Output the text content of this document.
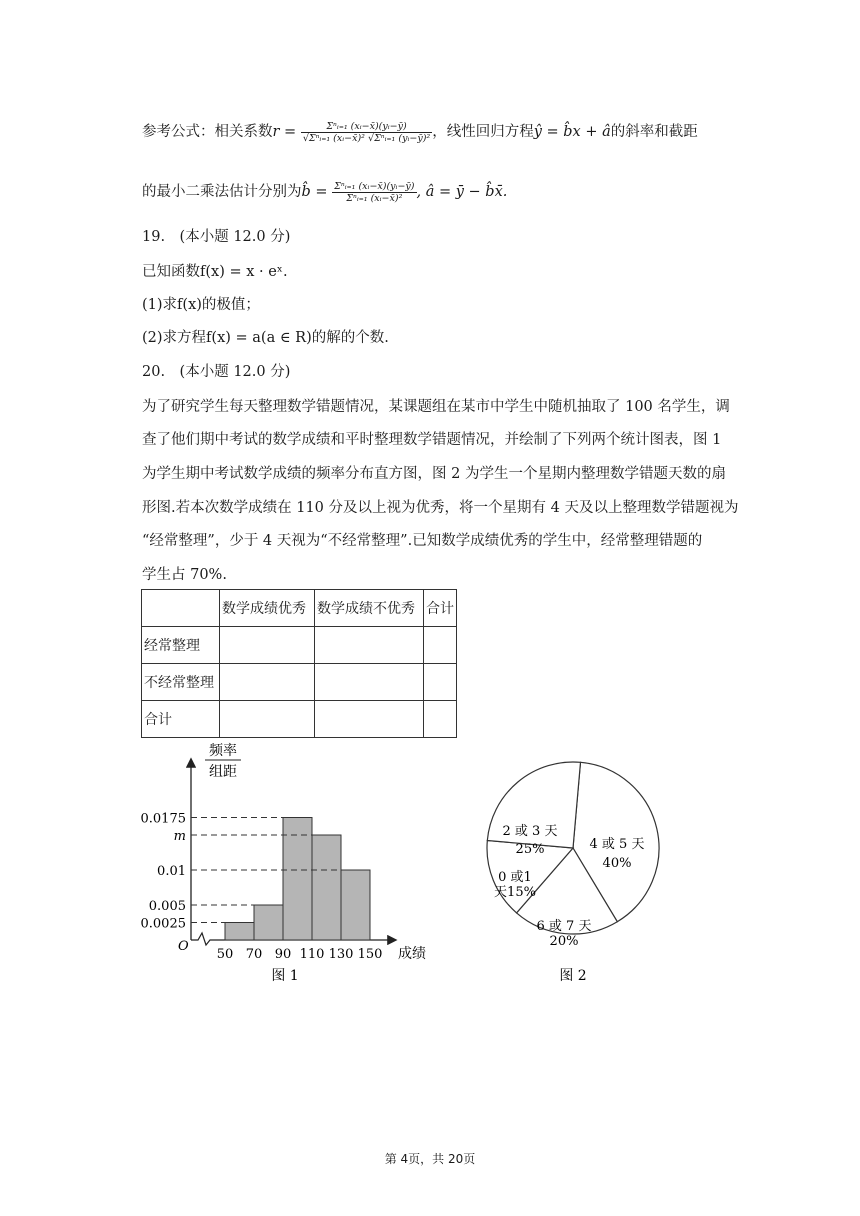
参考公式：相关系数$r = \frac{\text{Σⁿᵢ₌₁ (xᵢ−x̄)(yᵢ−ȳ)}}{\text{√Σⁿᵢ₌₁ (xᵢ−x̄)² √Σⁿᵢ₌₁ (yᵢ−ȳ)²}}$ ，线性回归方程ŷ = b̂x + â的斜率和截距
的最小二乘法估计分别为b̂ = $\frac{\text{Σⁿᵢ₌₁ (xᵢ−x̄)(yᵢ−ȳ)}}{\text{Σⁿᵢ₌₁ (xᵢ−x̄)²}}$ , â = ȳ − b̂x̄.
19.　(本小题 12.0 分)
已知函数f(x) = x · eˣ.
(1)求f(x)的极值；
(2)求方程f(x) = a(a ∈ R)的解的个数.
20.　(本小题 12.0 分)
为了研究学生每天整理数学错题情况，某课题组在某市中学生中随机抽取了 100 名学生，调
查了他们期中考试的数学成绩和平时整理数学错题情况，并绘制了下列两个统计图表，图 1
为学生期中考试数学成绩的频率分布直方图，图 2 为学生一个星期内整理数学错题天数的扇
形图.若本次数学成绩在 110 分及以上视为优秀，将一个星期有 4 天及以上整理数学错题视为
“经常整理”，少于 4 天视为“不经常整理”.已知数学成绩优秀的学生中，经常整理错题的
学生占 70%.
	数学成绩优秀	数学成绩不优秀	合计
经常整理			
不经常整理			
合计			
频率
组距
O	成绩
0.0025
0.005
0.01
m
0.0175
50 70 90 110 130 150
图 1
4 或 5 天
40%
6 或 7 天
20%
0 或1
天15%
2 或 3 天
25%
图 2
第 4页，共 20页
